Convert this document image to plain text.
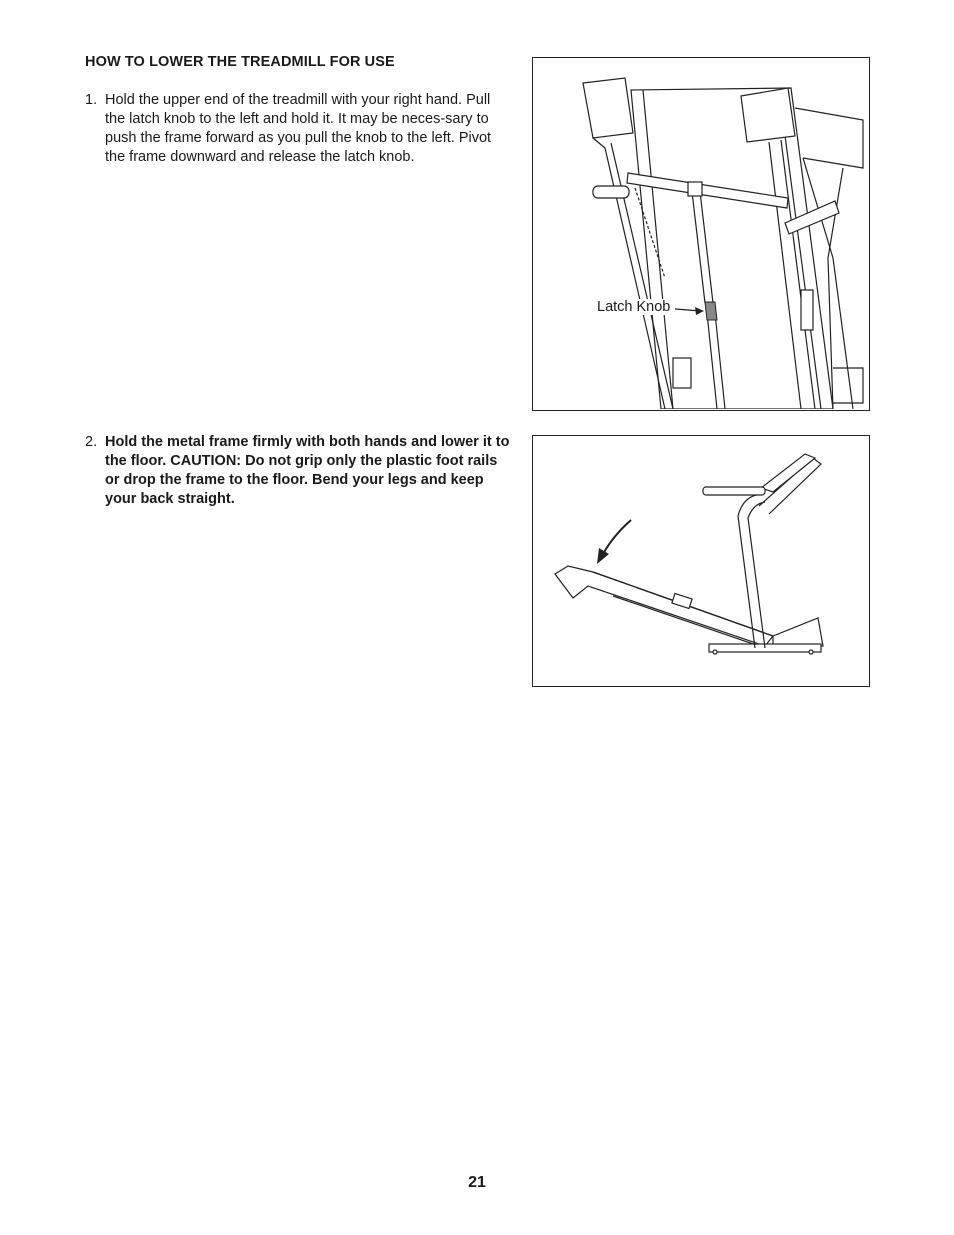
HOW TO LOWER THE TREADMILL FOR USE
1. Hold the upper end of the treadmill with your right hand. Pull the latch knob to the left and hold it. It may be neces-sary to push the frame forward as you pull the knob to the left. Pivot the frame downward and release the latch knob.
2. Hold the metal frame firmly with both hands and lower it to the floor. CAUTION: Do not grip only the plastic foot rails or drop the frame to the floor. Bend your legs and keep your back straight.
Latch Knob
21
